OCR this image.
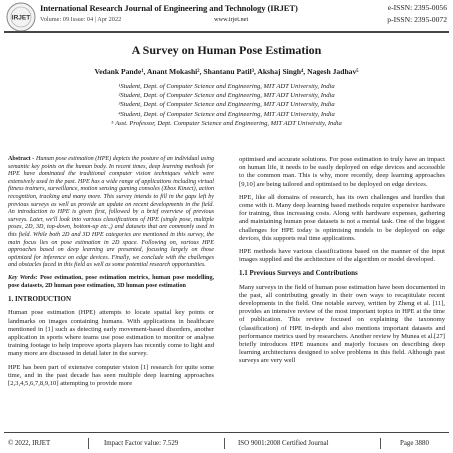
IRJET
International Research Journal of Engineering and Technology (IRJET)	e-ISSN: 2395-0056
Volume: 09 Issue: 04 | Apr 2022	www.irjet.net	p-ISSN: 2395-0072
A Survey on Human Pose Estimation
Vedank Pande¹, Anant Mokashi², Shantanu Patil³, Akshaj Singh⁴, Nagesh Jadhav⁵
¹Student, Dept. of Computer Science and Engineering, MIT ADT University, India
²Student, Dept. of Computer Science and Engineering, MIT ADT University, India
³Student, Dept. of Computer Science and Engineering, MIT ADT University, India
⁴Student, Dept. of Computer Science and Engineering, MIT ADT University, India
⁵ Asst. Professor, Dept. Computer Science and Engineering, MIT ADT University, India

Abstract - Human pose estimation (HPE) depicts the posture of an individual using semantic key points on the human body. In recent times, deep learning methods for HPE have dominated the traditional computer vision techniques which were extensively used in the past. HPE has a wide range of applications including virtual fitness trainers, surveillance, motion sensing gaming consoles (Xbox Kinect), action recognition, tracking and many more. This survey intends to fill in the gaps left by previous surveys as well as provide an update on recent developments in the field. An introduction to HPE is given first, followed by a brief overview of previous surveys. Later, we'll look into various classifications of HPE (single pose, multiple poses, 2D, 3D, top-down, bottom-up etc.,) and datasets that are commonly used in this field. While both 2D and 3D HPE categories are mentioned in this survey, the main focus lies on pose estimation in 2D space. Following on, various HPE approaches based on deep learning are presented, focusing largely on those optimized for inference on edge devices. Finally, we conclude with the challenges and obstacles faced in this field as well as some potential research opportunities.

Key Words: Pose estimation, pose estimation metrics, human pose modelling, pose datasets, 2D human pose estimation, 3D human pose estimation

1. INTRODUCTION

Human pose estimation (HPE) attempts to locate spatial key points or landmarks on images containing humans. With applications in healthcare mentioned in [1] such as detecting early movement-based disorders, another application in sports where teams use pose estimation to monitor or analyse training footage to help improve sports players has recently come to light and many more are discussed in detail later in the survey.

HPE has been part of extensive computer vision [1] research for quite some time, and in the past decade has seen multiple deep learning approaches [2,3,4,5,6,7,8,9,10] attempting to provide more

optimised and accurate solutions. For pose estimation to truly have an impact on human life, it needs to be easily deployed on edge devices and accessible to the common man. This is why, more recently, deep learning approaches [9,10] are being tailored and optimised to be deployed on edge devices.

HPE, like all domains of research, has its own challenges and hurdles that come with it. Many deep learning based methods require expensive hardware for training, thus increasing costs. Along with hardware expenses, gathering and maintaining human pose datasets is not a menial task. One of the biggest challenges for HPE today is optimising models to be deployed on edge devices, this supports real time applications.

HPE methods have various classifications based on the manner of the input images supplied and the architecture of the algorithm or model developed.

1.1 Previous Surveys and Contributions

Many surveys in the field of human pose estimation have been documented in the past, all contributing greatly in their own ways to recapitulate recent developments in the field. One notable survey, written by Zheng et al. [11], provides an intensive review of the most important topics in HPE at the time of publication. This review focused on explaining the taxonomy (classification) of HPE in-depth and also mentions important datasets and performance metrics used by researchers. Another review by Munea et al.[27] briefly introduces HPE nuances and majorly focuses on describing deep learning architectures designed to solve problems in this field. Although past surveys are very well

© 2022, IRJET	Impact Factor value: 7.529	ISO 9001:2008 Certified Journal	Page 3880
